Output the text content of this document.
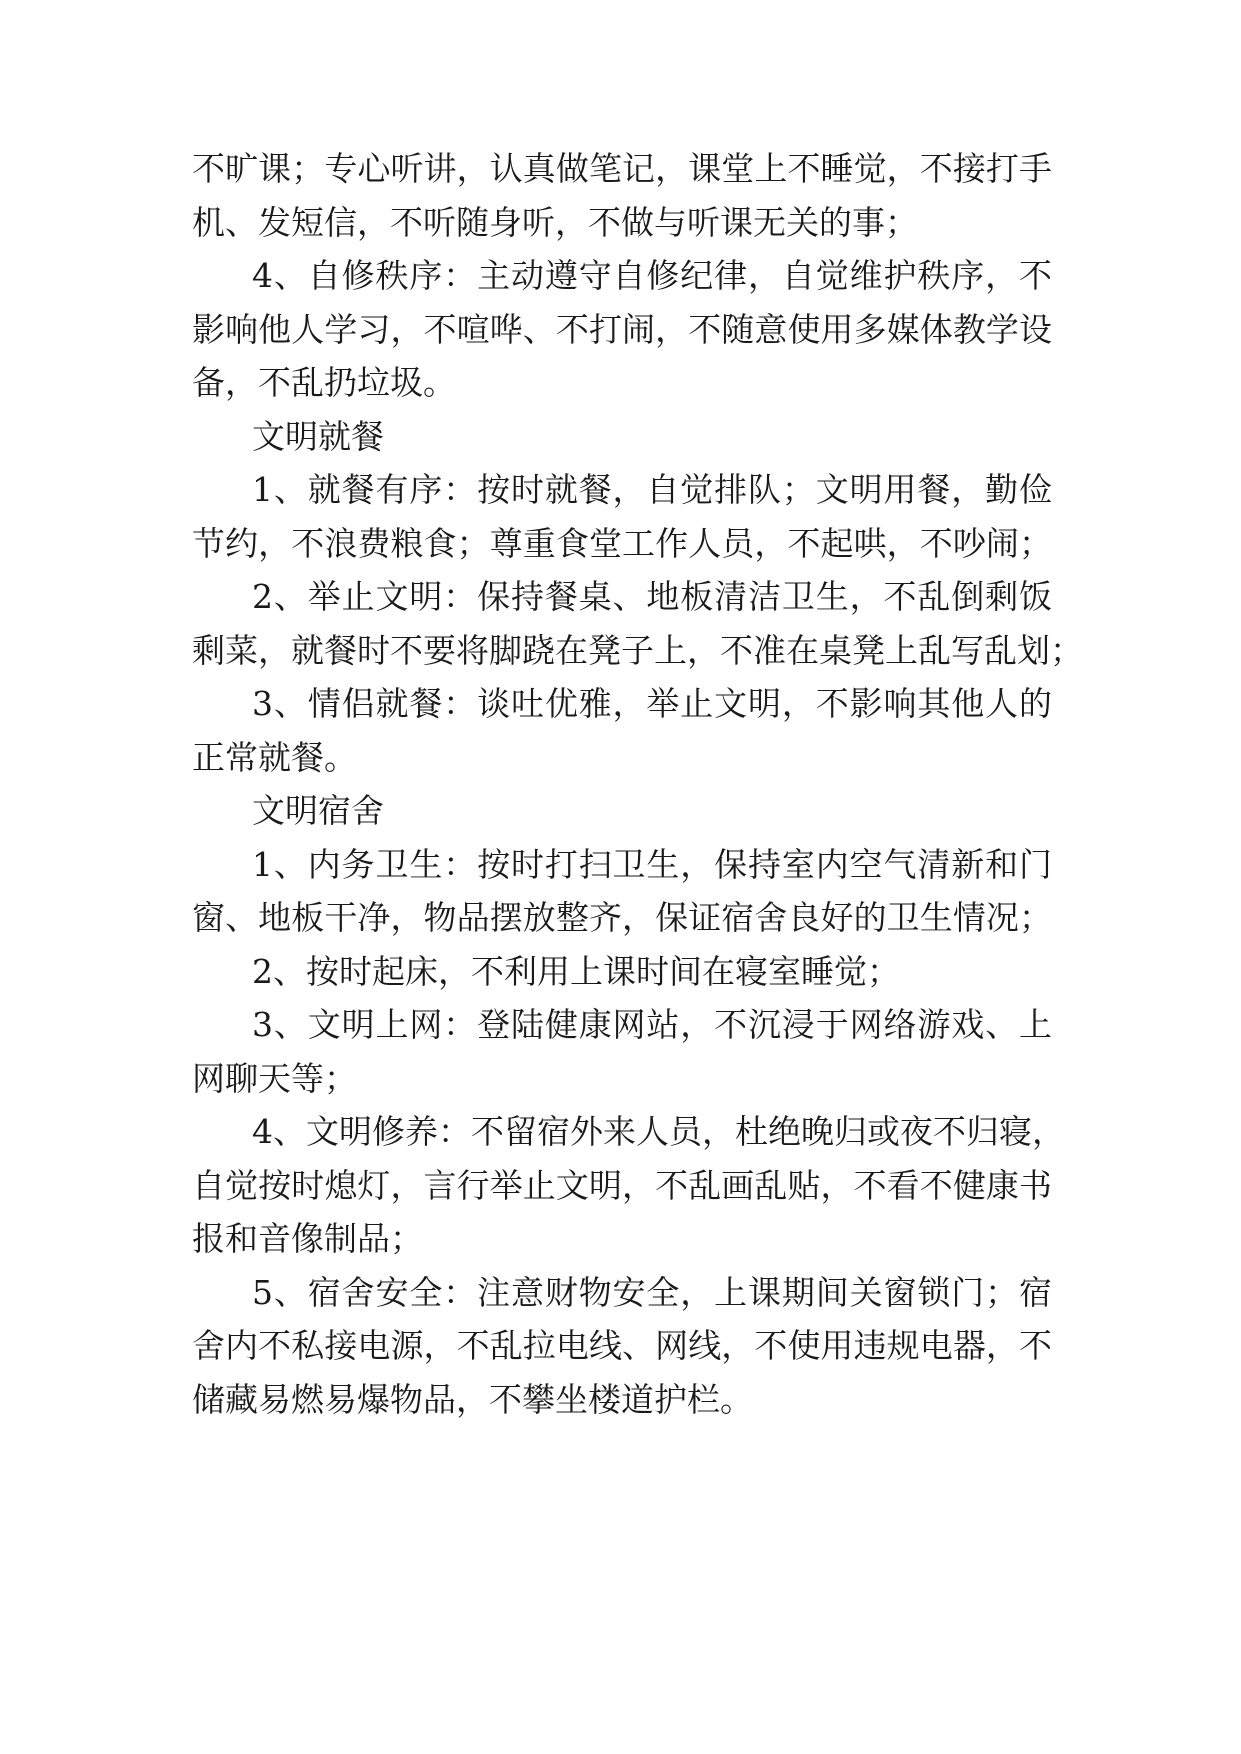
不旷课；专心听讲，认真做笔记，课堂上不睡觉，不接打手
机、发短信，不听随身听，不做与听课无关的事；
4、自修秩序：主动遵守自修纪律，自觉维护秩序，不
影响他人学习，不喧哗、不打闹，不随意使用多媒体教学设
备，不乱扔垃圾。
文明就餐
1、就餐有序：按时就餐，自觉排队；文明用餐，勤俭
节约，不浪费粮食；尊重食堂工作人员，不起哄，不吵闹；
2、举止文明：保持餐桌、地板清洁卫生，不乱倒剩饭
剩菜，就餐时不要将脚跷在凳子上，不准在桌凳上乱写乱划；
3、情侣就餐：谈吐优雅，举止文明，不影响其他人的
正常就餐。
文明宿舍
1、内务卫生：按时打扫卫生，保持室内空气清新和门
窗、地板干净，物品摆放整齐，保证宿舍良好的卫生情况；
2、按时起床，不利用上课时间在寝室睡觉；
3、文明上网：登陆健康网站，不沉浸于网络游戏、上
网聊天等；
4、文明修养：不留宿外来人员，杜绝晚归或夜不归寝，
自觉按时熄灯，言行举止文明，不乱画乱贴，不看不健康书
报和音像制品；
5、宿舍安全：注意财物安全，上课期间关窗锁门；宿
舍内不私接电源，不乱拉电线、网线，不使用违规电器，不
储藏易燃易爆物品，不攀坐楼道护栏。
